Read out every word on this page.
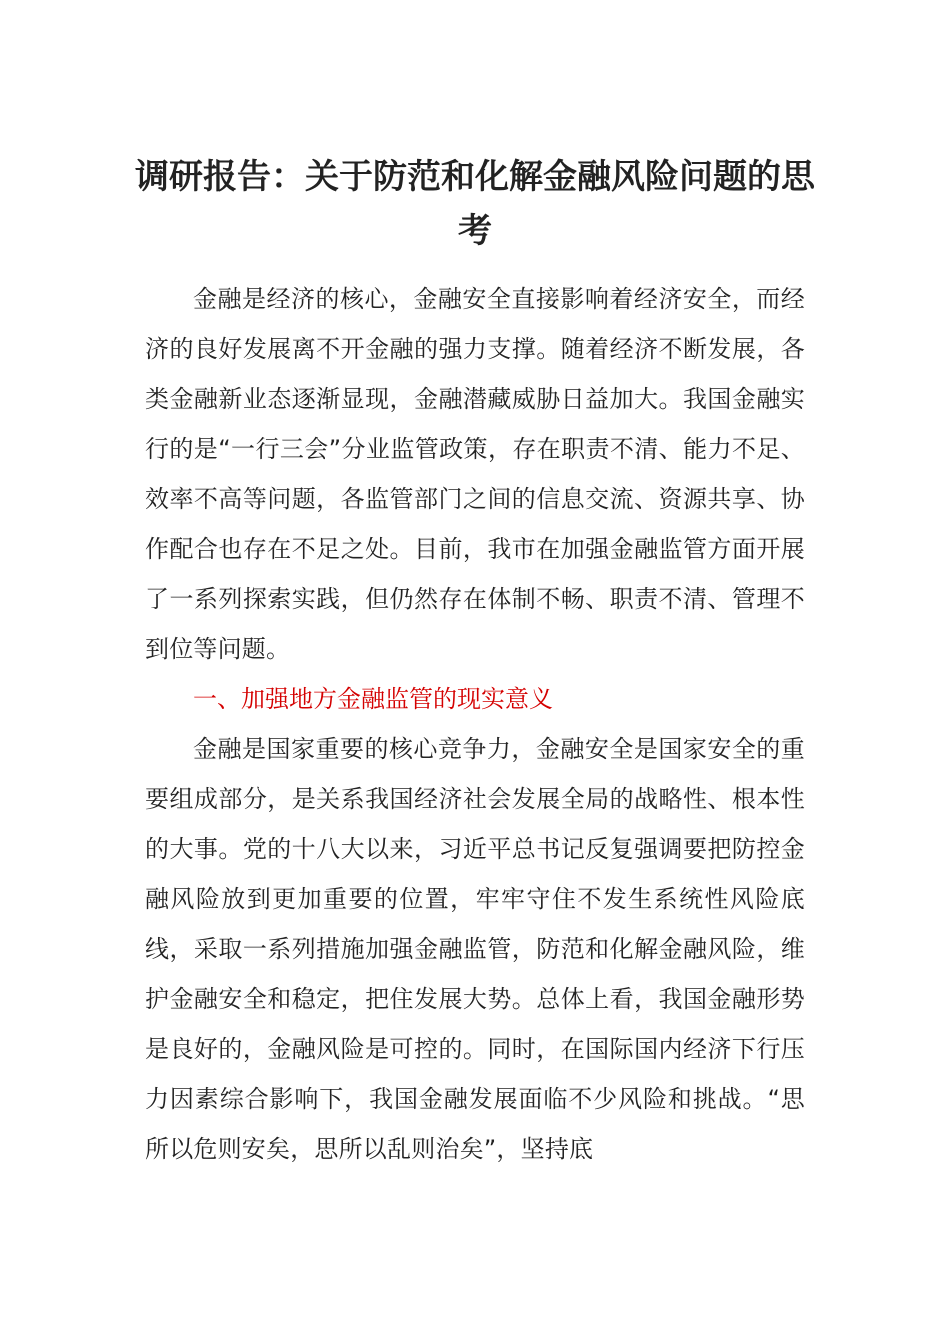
调研报告：关于防范和化解金融风险问题的思考

金融是经济的核心，金融安全直接影响着经济安全，而经济的良好发展离不开金融的强力支撑。随着经济不断发展，各类金融新业态逐渐显现，金融潜藏威胁日益加大。我国金融实行的是“一行三会”分业监管政策，存在职责不清、能力不足、效率不高等问题，各监管部门之间的信息交流、资源共享、协作配合也存在不足之处。目前，我市在加强金融监管方面开展了一系列探索实践，但仍然存在体制不畅、职责不清、管理不到位等问题。

一、加强地方金融监管的现实意义

金融是国家重要的核心竞争力，金融安全是国家安全的重要组成部分，是关系我国经济社会发展全局的战略性、根本性的大事。党的十八大以来，习近平总书记反复强调要把防控金融风险放到更加重要的位置，牢牢守住不发生系统性风险底线，采取一系列措施加强金融监管，防范和化解金融风险，维护金融安全和稳定，把住发展大势。总体上看，我国金融形势是良好的，金融风险是可控的。同时，在国际国内经济下行压力因素综合影响下，我国金融发展面临不少风险和挑战。“思所以危则安矣，思所以乱则治矣”，坚持底
